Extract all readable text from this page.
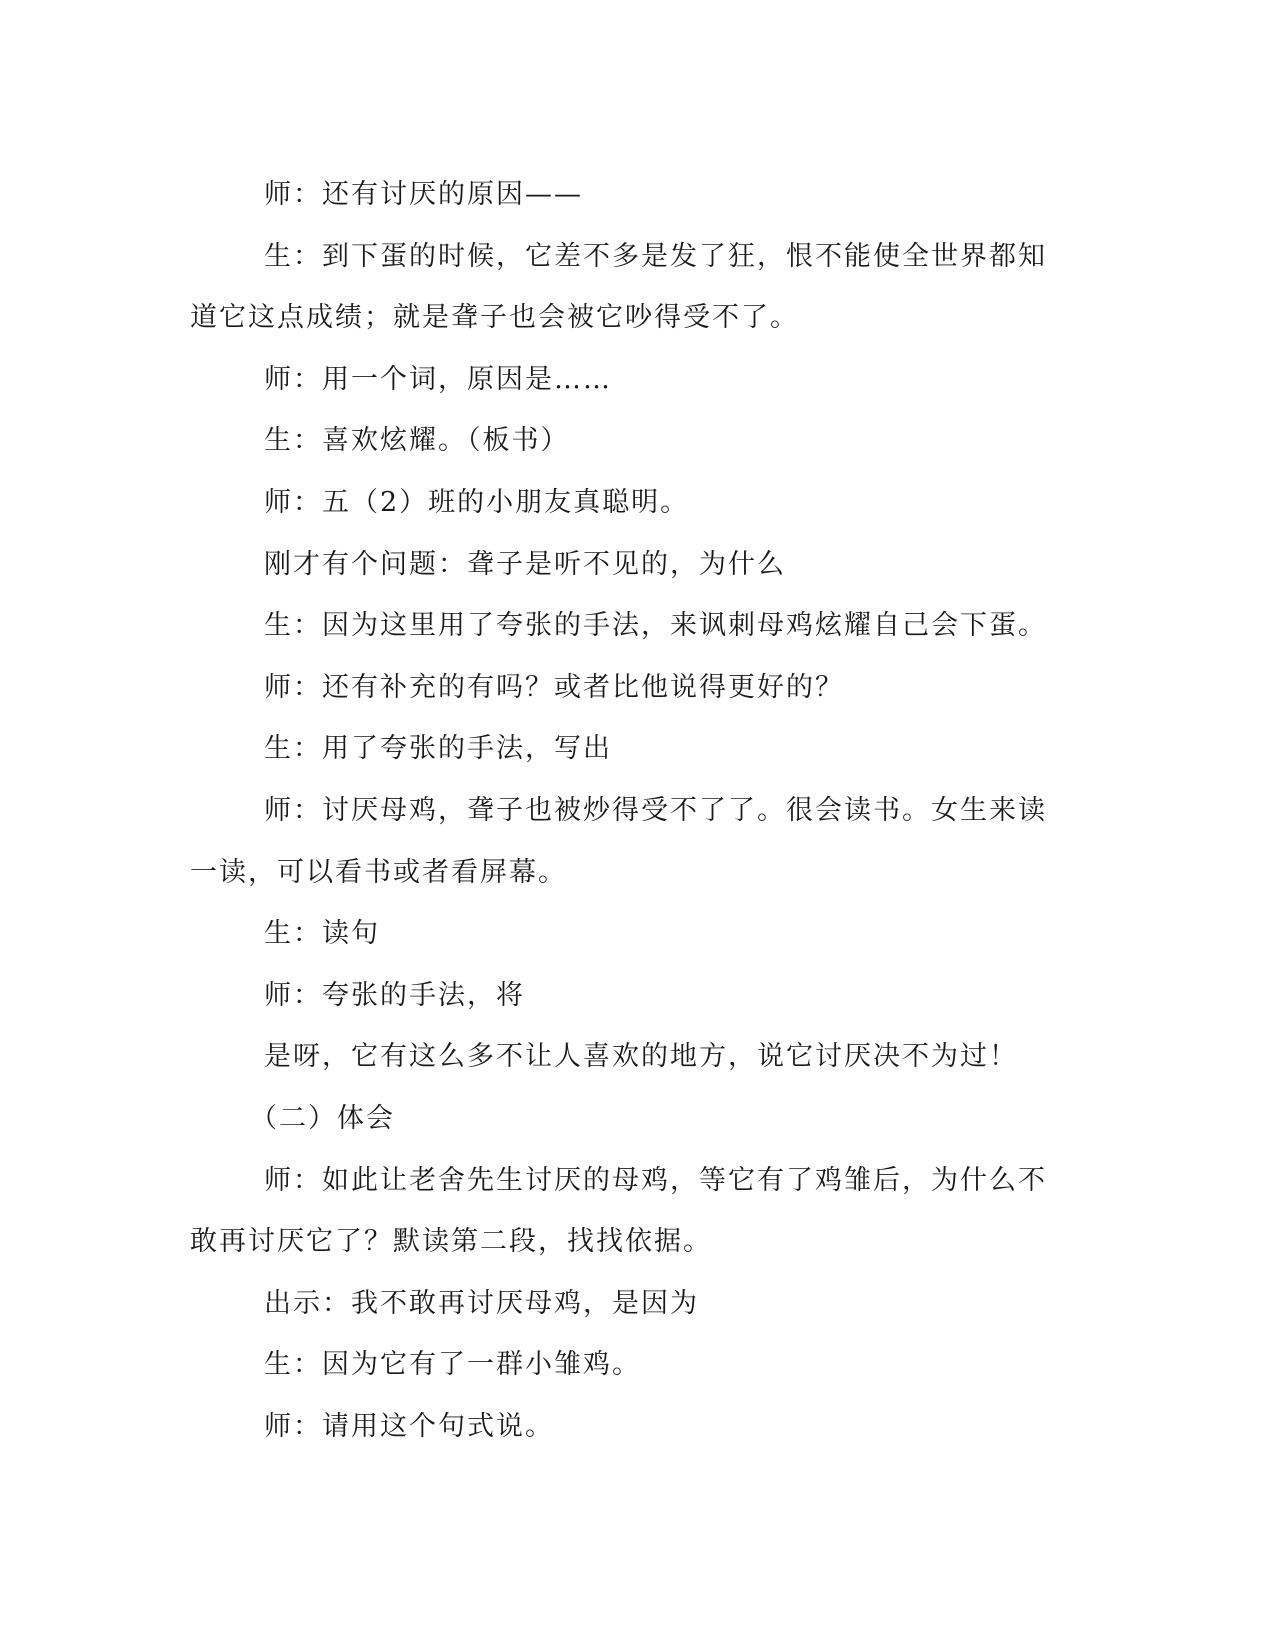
师：还有讨厌的原因——

生：到下蛋的时候，它差不多是发了狂，恨不能使全世界都知道它这点成绩；就是聋子也会被它吵得受不了。

师：用一个词，原因是……

生：喜欢炫耀。（板书）

师：五（2）班的小朋友真聪明。

刚才有个问题：聋子是听不见的，为什么

生：因为这里用了夸张的手法，来讽刺母鸡炫耀自己会下蛋。

师：还有补充的有吗？或者比他说得更好的？

生：用了夸张的手法，写出

师：讨厌母鸡，聋子也被炒得受不了了。很会读书。女生来读一读，可以看书或者看屏幕。

生：读句

师：夸张的手法，将

是呀，它有这么多不让人喜欢的地方，说它讨厌决不为过！

（二）体会

师：如此让老舍先生讨厌的母鸡，等它有了鸡雏后，为什么不敢再讨厌它了？默读第二段，找找依据。

出示：我不敢再讨厌母鸡，是因为

生：因为它有了一群小雏鸡。

师：请用这个句式说。
